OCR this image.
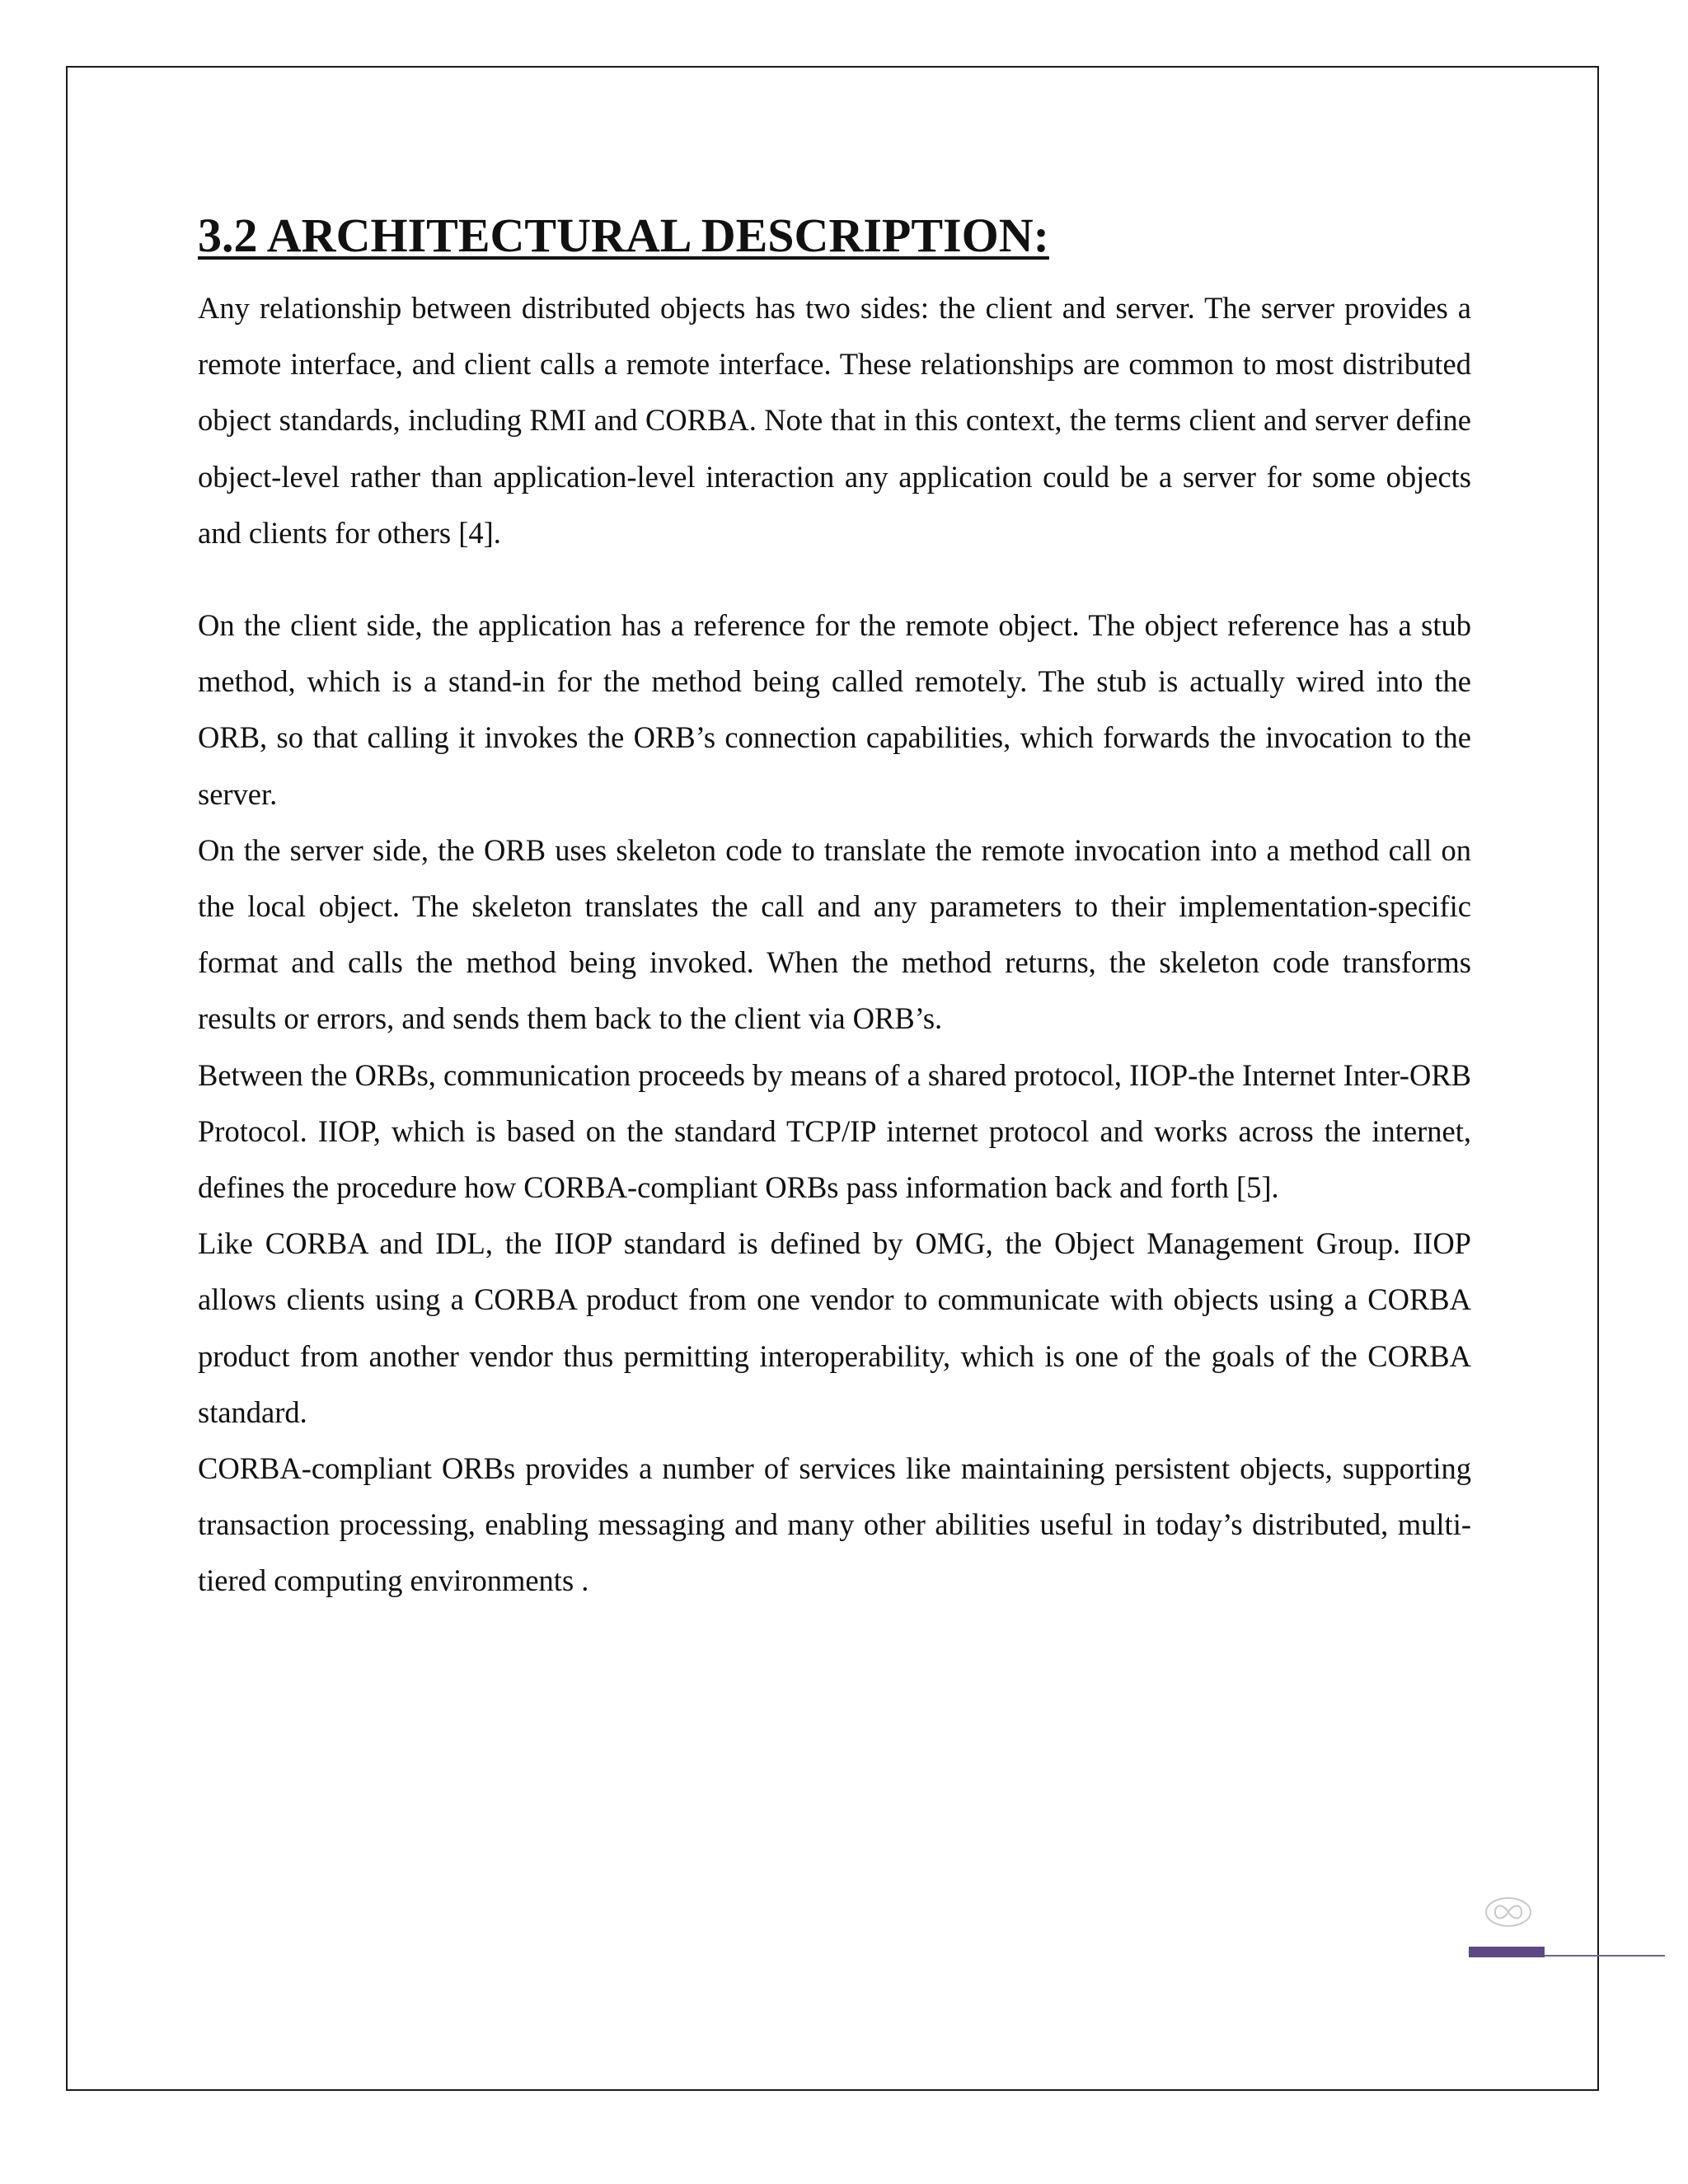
3.2 ARCHITECTURAL DESCRIPTION:

Any relationship between distributed objects has two sides: the client and server. The server provides a remote interface, and client calls a remote interface. These relationships are common to most distributed object standards, including RMI and CORBA. Note that in this context, the terms client and server define object-level rather than application-level interaction any application could be a server for some objects and clients for others [4].

On the client side, the application has a reference for the remote object. The object reference has a stub method, which is a stand-in for the method being called remotely. The stub is actually wired into the ORB, so that calling it invokes the ORB’s connection capabilities, which forwards the invocation to the server.

On the server side, the ORB uses skeleton code to translate the remote invocation into a method call on the local object. The skeleton translates the call and any parameters to their implementation-specific format and calls the method being invoked. When the method returns, the skeleton code transforms results or errors, and sends them back to the client via ORB’s.

Between the ORBs, communication proceeds by means of a shared protocol, IIOP-the Internet Inter-ORB Protocol. IIOP, which is based on the standard TCP/IP internet protocol and works across the internet, defines the procedure how CORBA-compliant ORBs pass information back and forth [5].

Like CORBA and IDL, the IIOP standard is defined by OMG, the Object Management Group. IIOP allows clients using a CORBA product from one vendor to communicate with objects using a CORBA product from another vendor thus permitting interoperability, which is one of the goals of the CORBA standard.

CORBA-compliant ORBs provides a number of services like maintaining persistent objects, supporting transaction processing, enabling messaging and many other abilities useful in today’s distributed, multi-tiered computing environments .
